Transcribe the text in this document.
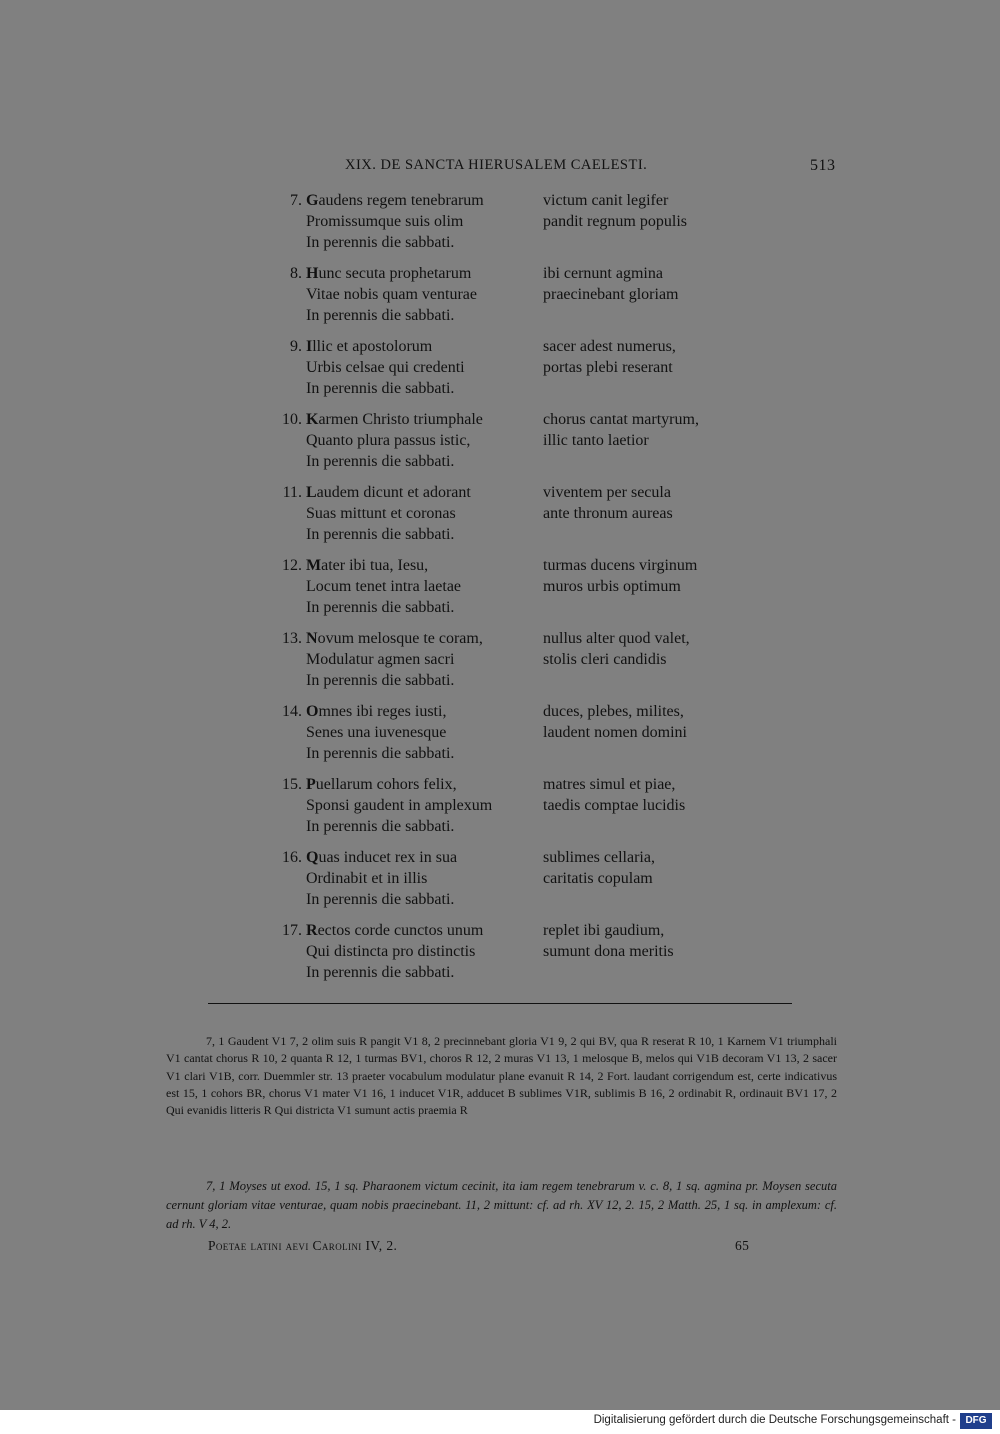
XIX. DE SANCTA HIERUSALEM CAELESTI.	513
7. Gaudens regem tenebrarum	victum canit legifer
Promissumque suis olim	pandit regnum populis
In perennis die sabbati.
8. Hunc secuta prophetarum	ibi cernunt agmina
Vitae nobis quam venturae	praecinebant gloriam
In perennis die sabbati.
9. Illic et apostolorum	sacer adest numerus,
Urbis celsae qui credenti	portas plebi reserant
In perennis die sabbati.
10. Karmen Christo triumphale	chorus cantat martyrum,
Quanto plura passus istic,	illic tanto laetior
In perennis die sabbati.
11. Laudem dicunt et adorant	viventem per secula
Suas mittunt et coronas	ante thronum aureas
In perennis die sabbati.
12. Mater ibi tua, Iesu,	turmas ducens virginum
Locum tenet intra laetae	muros urbis optimum
In perennis die sabbati.
13. Novum melosque te coram,	nullus alter quod valet,
Modulatur agmen sacri	stolis cleri candidis
In perennis die sabbati.
14. Omnes ibi reges iusti,	duces, plebes, milites,
Senes una iuvenesque	laudent nomen domini
In perennis die sabbati.
15. Puellarum cohors felix,	matres simul et piae,
Sponsi gaudent in amplexum	taedis comptae lucidis
In perennis die sabbati.
16. Quas inducet rex in sua	sublimes cellaria,
Ordinabit et in illis	caritatis copulam
In perennis die sabbati.
17. Rectos corde cunctos unum	replet ibi gaudium,
Qui distincta pro distinctis	sumunt dona meritis
In perennis die sabbati.

7, 1 Gaudent V1 7, 2 olim suis R pangit V1 8, 2 precinnebant gloria V1 9, 2 qui BV, qua R reserat R 10, 1 Karnem V1 triumphali V1 cantat chorus R 10, 2 quanta R 12, 1 turmas BV1, choros R 12, 2 muras V1 13, 1 melosque B, melos qui V1B decoram V1 13, 2 sacer V1 clari V1B, corr. Duemmler str. 13 praeter vocabulum modulatur plane evanuit R 14, 2 Fort. laudant corrigendum est, certe indicativus est 15, 1 cohors BR, chorus V1 mater V1 16, 1 inducet V1R, adducet B sublimes V1R, sublimis B 16, 2 ordinabit R, ordinauit BV1 17, 2 Qui evanidis litteris R Qui districta V1 sumunt actis praemia R

7, 1 Moyses ut exod. 15, 1 sq. Pharaonem victum cecinit, ita iam regem tenebrarum v. c. 8, 1 sq. agmina pr. Moysen secuta cernunt gloriam vitae venturae, quam nobis praecinebant. 11, 2 mittunt: cf. ad rh. XV 12, 2. 15, 2 Matth. 25, 1 sq. in amplexum: cf. ad rh. V 4, 2.

Poetae latini aevi Carolini IV, 2.	65
Digitalisierung gefördert durch die Deutsche Forschungsgemeinschaft - DFG
